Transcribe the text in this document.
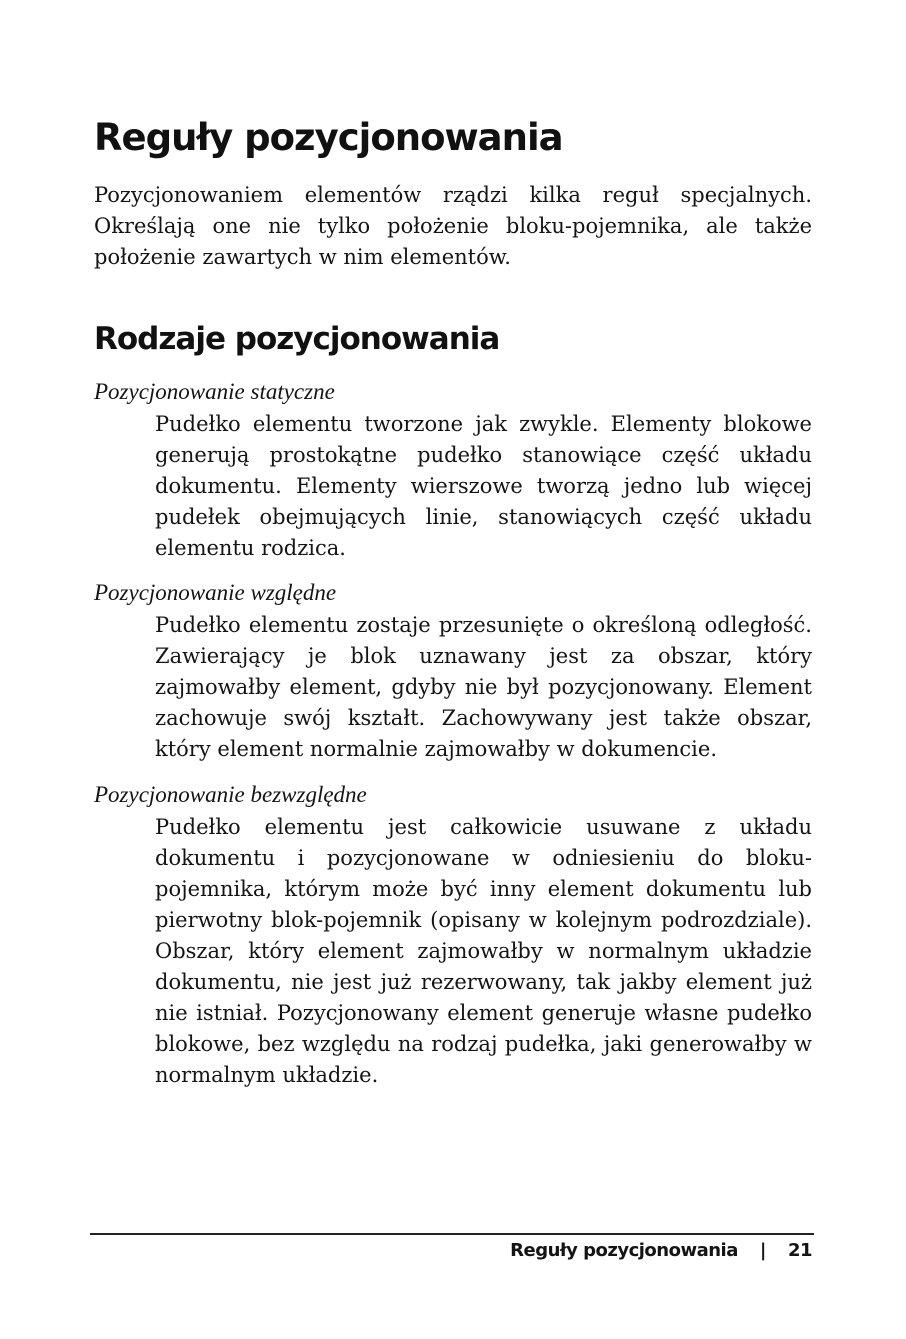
Reguły pozycjonowania

Pozycjonowaniem elementów rządzi kilka reguł specjalnych. Określają one nie tylko położenie bloku-pojemnika, ale także położenie zawartych w nim elementów.

Rodzaje pozycjonowania

Pozycjonowanie statyczne

Pudełko elementu tworzone jak zwykle. Elementy blokowe generują prostokątne pudełko stanowiące część układu dokumentu. Elementy wierszowe tworzą jedno lub więcej pudełek obejmujących linie, stanowiących część układu elementu rodzica.

Pozycjonowanie względne

Pudełko elementu zostaje przesunięte o określoną odległość. Zawierający je blok uznawany jest za obszar, który zajmowałby element, gdyby nie był pozycjonowany. Element zachowuje swój kształt. Zachowywany jest także obszar, który element normalnie zajmowałby w dokumencie.

Pozycjonowanie bezwzględne

Pudełko elementu jest całkowicie usuwane z układu dokumentu i pozycjonowane w odniesieniu do bloku-pojemnika, którym może być inny element dokumentu lub pierwotny blok-pojemnik (opisany w kolejnym podrozdziale). Obszar, który element zajmowałby w normalnym układzie dokumentu, nie jest już rezerwowany, tak jakby element już nie istniał. Pozycjonowany element generuje własne pudełko blokowe, bez względu na rodzaj pudełka, jaki generowałby w normalnym układzie.

Reguły pozycjonowania | 21
